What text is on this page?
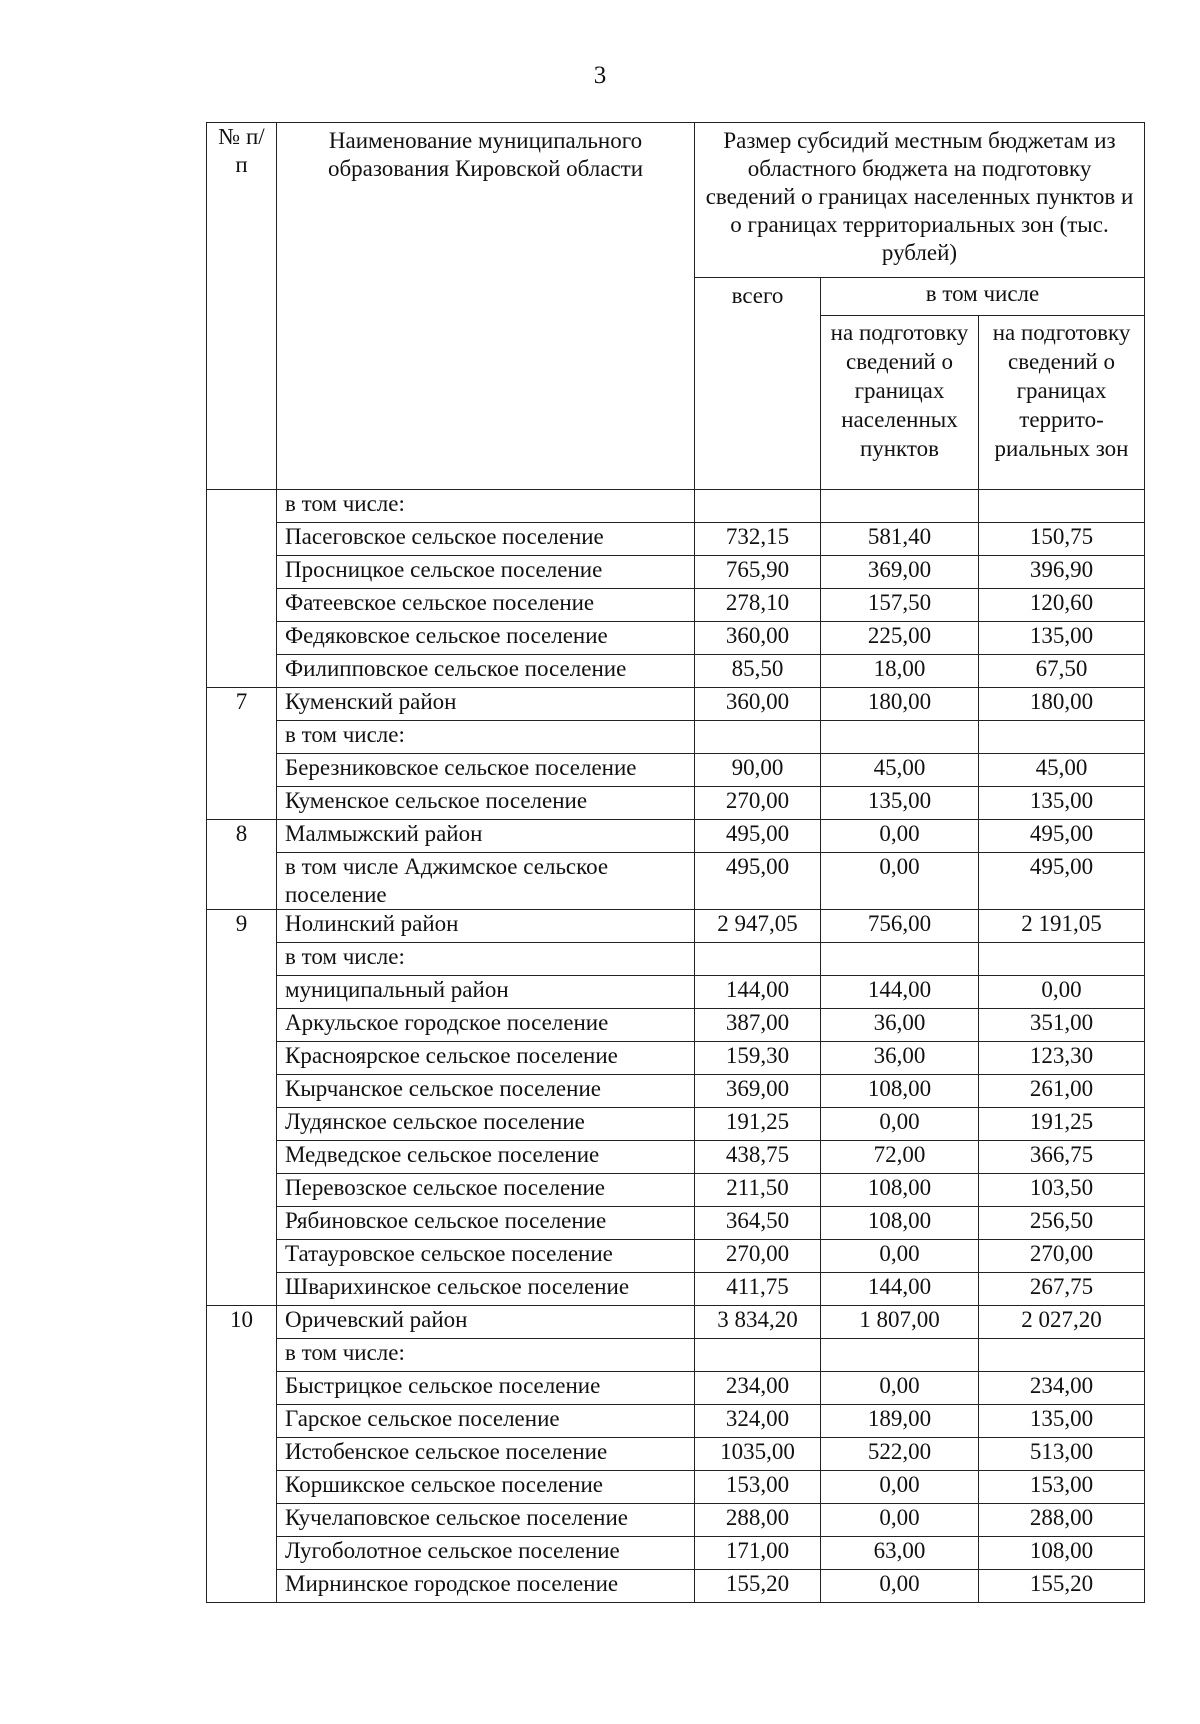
3
№ п/п	Наименование муниципального образования Кировской области	Размер субсидий местным бюджетам из областного бюджета на подготовку сведений о границах населенных пунктов и о границах территориальных зон (тыс. рублей)		
		всего	в том числе	
			на подготовку сведений о границах населенных пунктов	на подготовку сведений о границах террито-риальных зон
	в том числе:			
	Пасеговское сельское поселение	732,15	581,40	150,75
	Просницкое сельское поселение	765,90	369,00	396,90
	Фатеевское сельское поселение	278,10	157,50	120,60
	Федяковское сельское поселение	360,00	225,00	135,00
	Филипповское сельское поселение	85,50	18,00	67,50
7	Куменский район	360,00	180,00	180,00
	в том числе:			
	Березниковское сельское поселение	90,00	45,00	45,00
	Куменское сельское поселение	270,00	135,00	135,00
8	Малмыжский район	495,00	0,00	495,00
	в том числе Аджимское сельское поселение	495,00	0,00	495,00
9	Нолинский район	2 947,05	756,00	2 191,05
	в том числе:			
	муниципальный район	144,00	144,00	0,00
	Аркульское городское поселение	387,00	36,00	351,00
	Красноярское сельское поселение	159,30	36,00	123,30
	Кырчанское сельское поселение	369,00	108,00	261,00
	Лудянское сельское поселение	191,25	0,00	191,25
	Медведское сельское поселение	438,75	72,00	366,75
	Перевозское сельское поселение	211,50	108,00	103,50
	Рябиновское сельское поселение	364,50	108,00	256,50
	Татауровское сельское поселение	270,00	0,00	270,00
	Шварихинское сельское поселение	411,75	144,00	267,75
10	Оричевский район	3 834,20	1 807,00	2 027,20
	в том числе:			
	Быстрицкое сельское поселение	234,00	0,00	234,00
	Гарское сельское поселение	324,00	189,00	135,00
	Истобенское сельское поселение	1035,00	522,00	513,00
	Коршикское сельское поселение	153,00	0,00	153,00
	Кучелаповское сельское поселение	288,00	0,00	288,00
	Лугоболотное сельское поселение	171,00	63,00	108,00
	Мирнинское городское поселение	155,20	0,00	155,20
